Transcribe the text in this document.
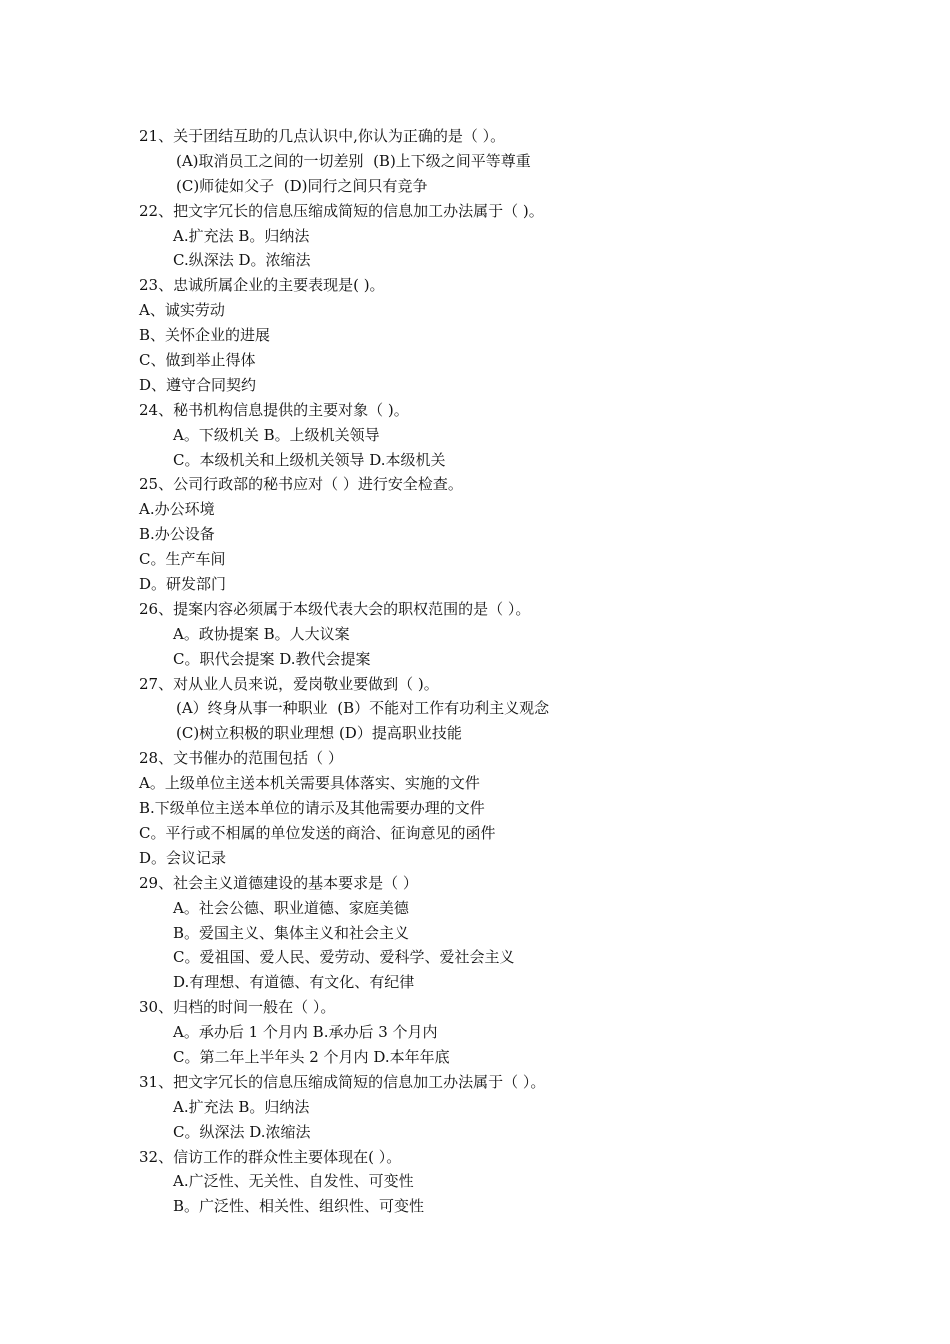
21、关于团结互助的几点认识中,你认为正确的是（ ）。
(A)取消员工之间的一切差别  (B)上下级之间平等尊重
(C)师徒如父子  (D)同行之间只有竞争
22、把文字冗长的信息压缩成简短的信息加工办法属于（ )。
A.扩充法 B。归纳法
C.纵深法 D。浓缩法
23、忠诚所属企业的主要表现是( )。
A、诚实劳动
B、关怀企业的进展
C、做到举止得体
D、遵守合同契约
24、秘书机构信息提供的主要对象（ )。
A。下级机关 B。上级机关领导
C。本级机关和上级机关领导 D.本级机关
25、公司行政部的秘书应对（ ）进行安全检查。
A.办公环境
B.办公设备
C。生产车间
D。研发部门
26、提案内容必须属于本级代表大会的职权范围的是（ ）。
A。政协提案 B。人大议案
C。职代会提案 D.教代会提案
27、对从业人员来说，爱岗敬业要做到（ )。
(A）终身从事一种职业  (B）不能对工作有功利主义观念
(C)树立积极的职业理想 (D）提高职业技能
28、文书催办的范围包括（ ）
A。上级单位主送本机关需要具体落实、实施的文件
B.下级单位主送本单位的请示及其他需要办理的文件
C。平行或不相属的单位发送的商洽、征询意见的函件
D。会议记录
29、社会主义道德建设的基本要求是（ ）
A。社会公德、职业道德、家庭美德
B。爱国主义、集体主义和社会主义
C。爱祖国、爱人民、爱劳动、爱科学、爱社会主义
D.有理想、有道德、有文化、有纪律
30、归档的时间一般在（ ）。
A。承办后 1 个月内 B.承办后 3 个月内
C。第二年上半年头 2 个月内 D.本年年底
31、把文字冗长的信息压缩成简短的信息加工办法属于（ ）。
A.扩充法 B。归纳法
C。纵深法 D.浓缩法
32、信访工作的群众性主要体现在( ）。
A.广泛性、无关性、自发性、可变性
B。广泛性、相关性、组织性、可变性
